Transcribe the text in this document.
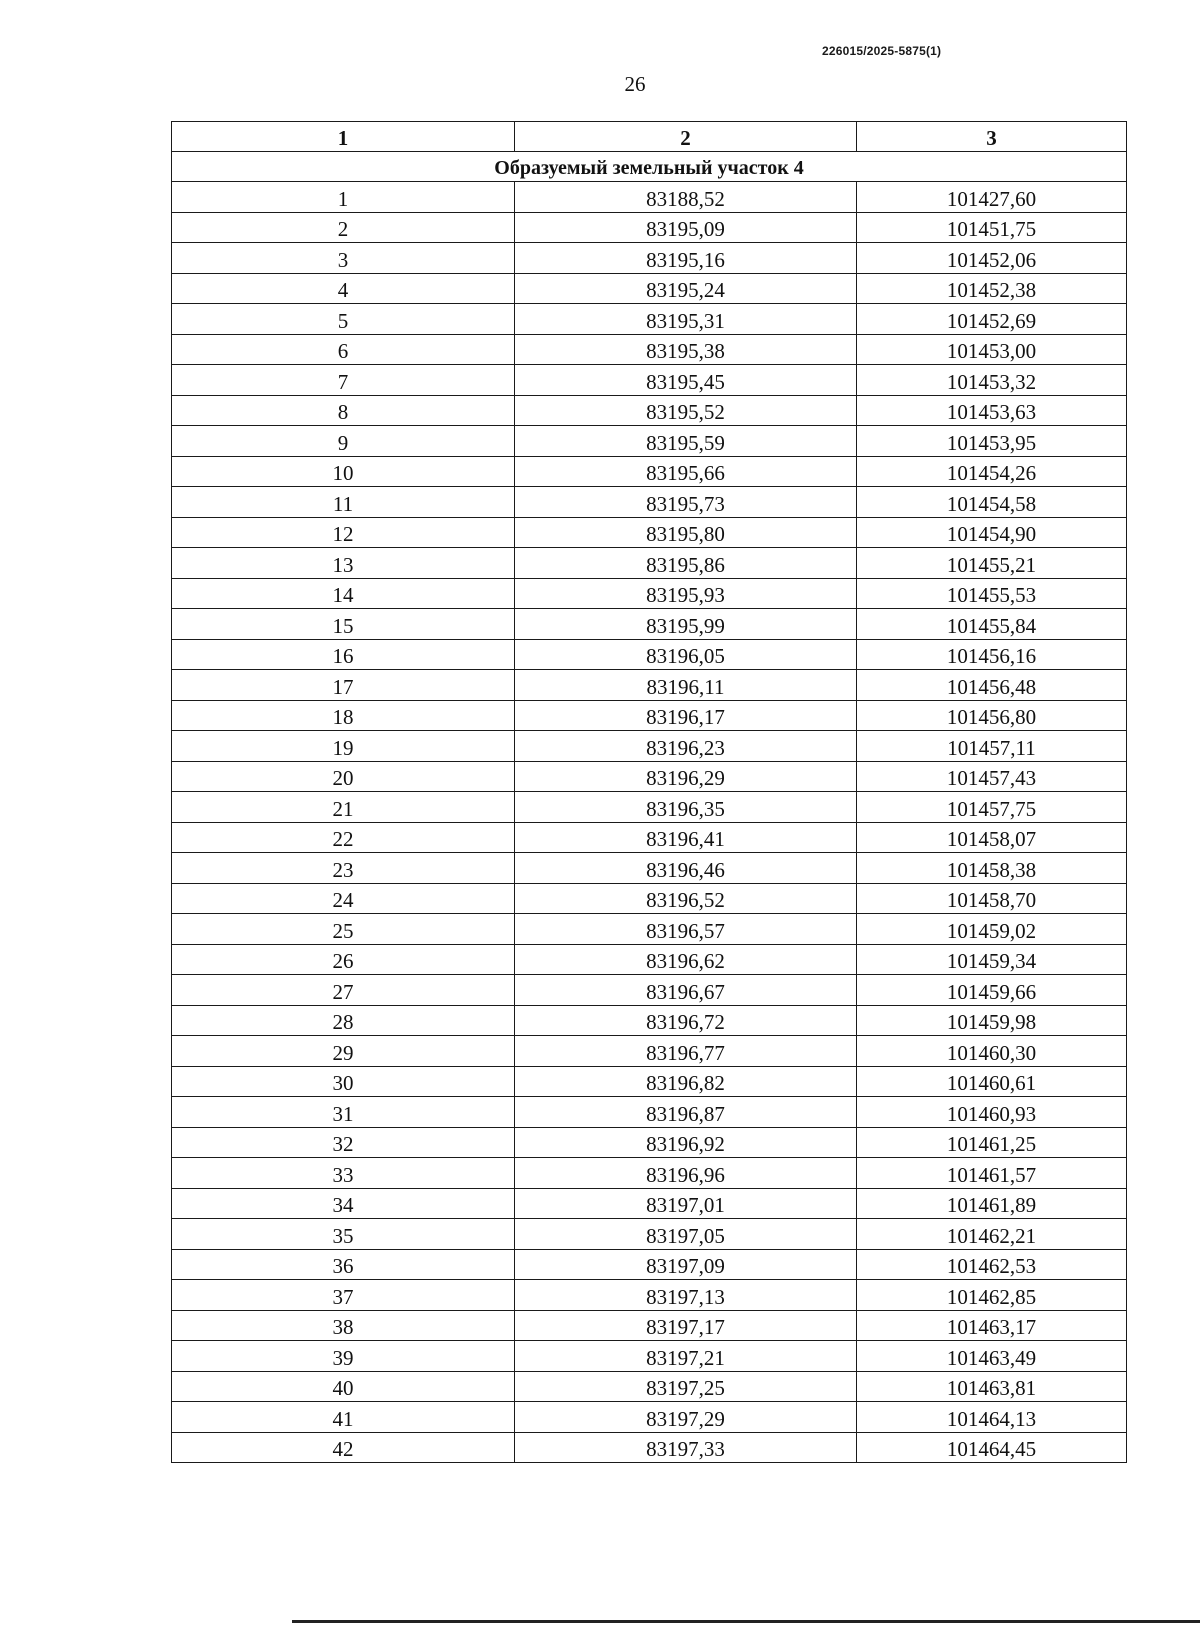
226015/2025-5875(1)
26
1	2	3
Образуемый земельный участок 4		
1	83188,52	101427,60
2	83195,09	101451,75
3	83195,16	101452,06
4	83195,24	101452,38
5	83195,31	101452,69
6	83195,38	101453,00
7	83195,45	101453,32
8	83195,52	101453,63
9	83195,59	101453,95
10	83195,66	101454,26
11	83195,73	101454,58
12	83195,80	101454,90
13	83195,86	101455,21
14	83195,93	101455,53
15	83195,99	101455,84
16	83196,05	101456,16
17	83196,11	101456,48
18	83196,17	101456,80
19	83196,23	101457,11
20	83196,29	101457,43
21	83196,35	101457,75
22	83196,41	101458,07
23	83196,46	101458,38
24	83196,52	101458,70
25	83196,57	101459,02
26	83196,62	101459,34
27	83196,67	101459,66
28	83196,72	101459,98
29	83196,77	101460,30
30	83196,82	101460,61
31	83196,87	101460,93
32	83196,92	101461,25
33	83196,96	101461,57
34	83197,01	101461,89
35	83197,05	101462,21
36	83197,09	101462,53
37	83197,13	101462,85
38	83197,17	101463,17
39	83197,21	101463,49
40	83197,25	101463,81
41	83197,29	101464,13
42	83197,33	101464,45
